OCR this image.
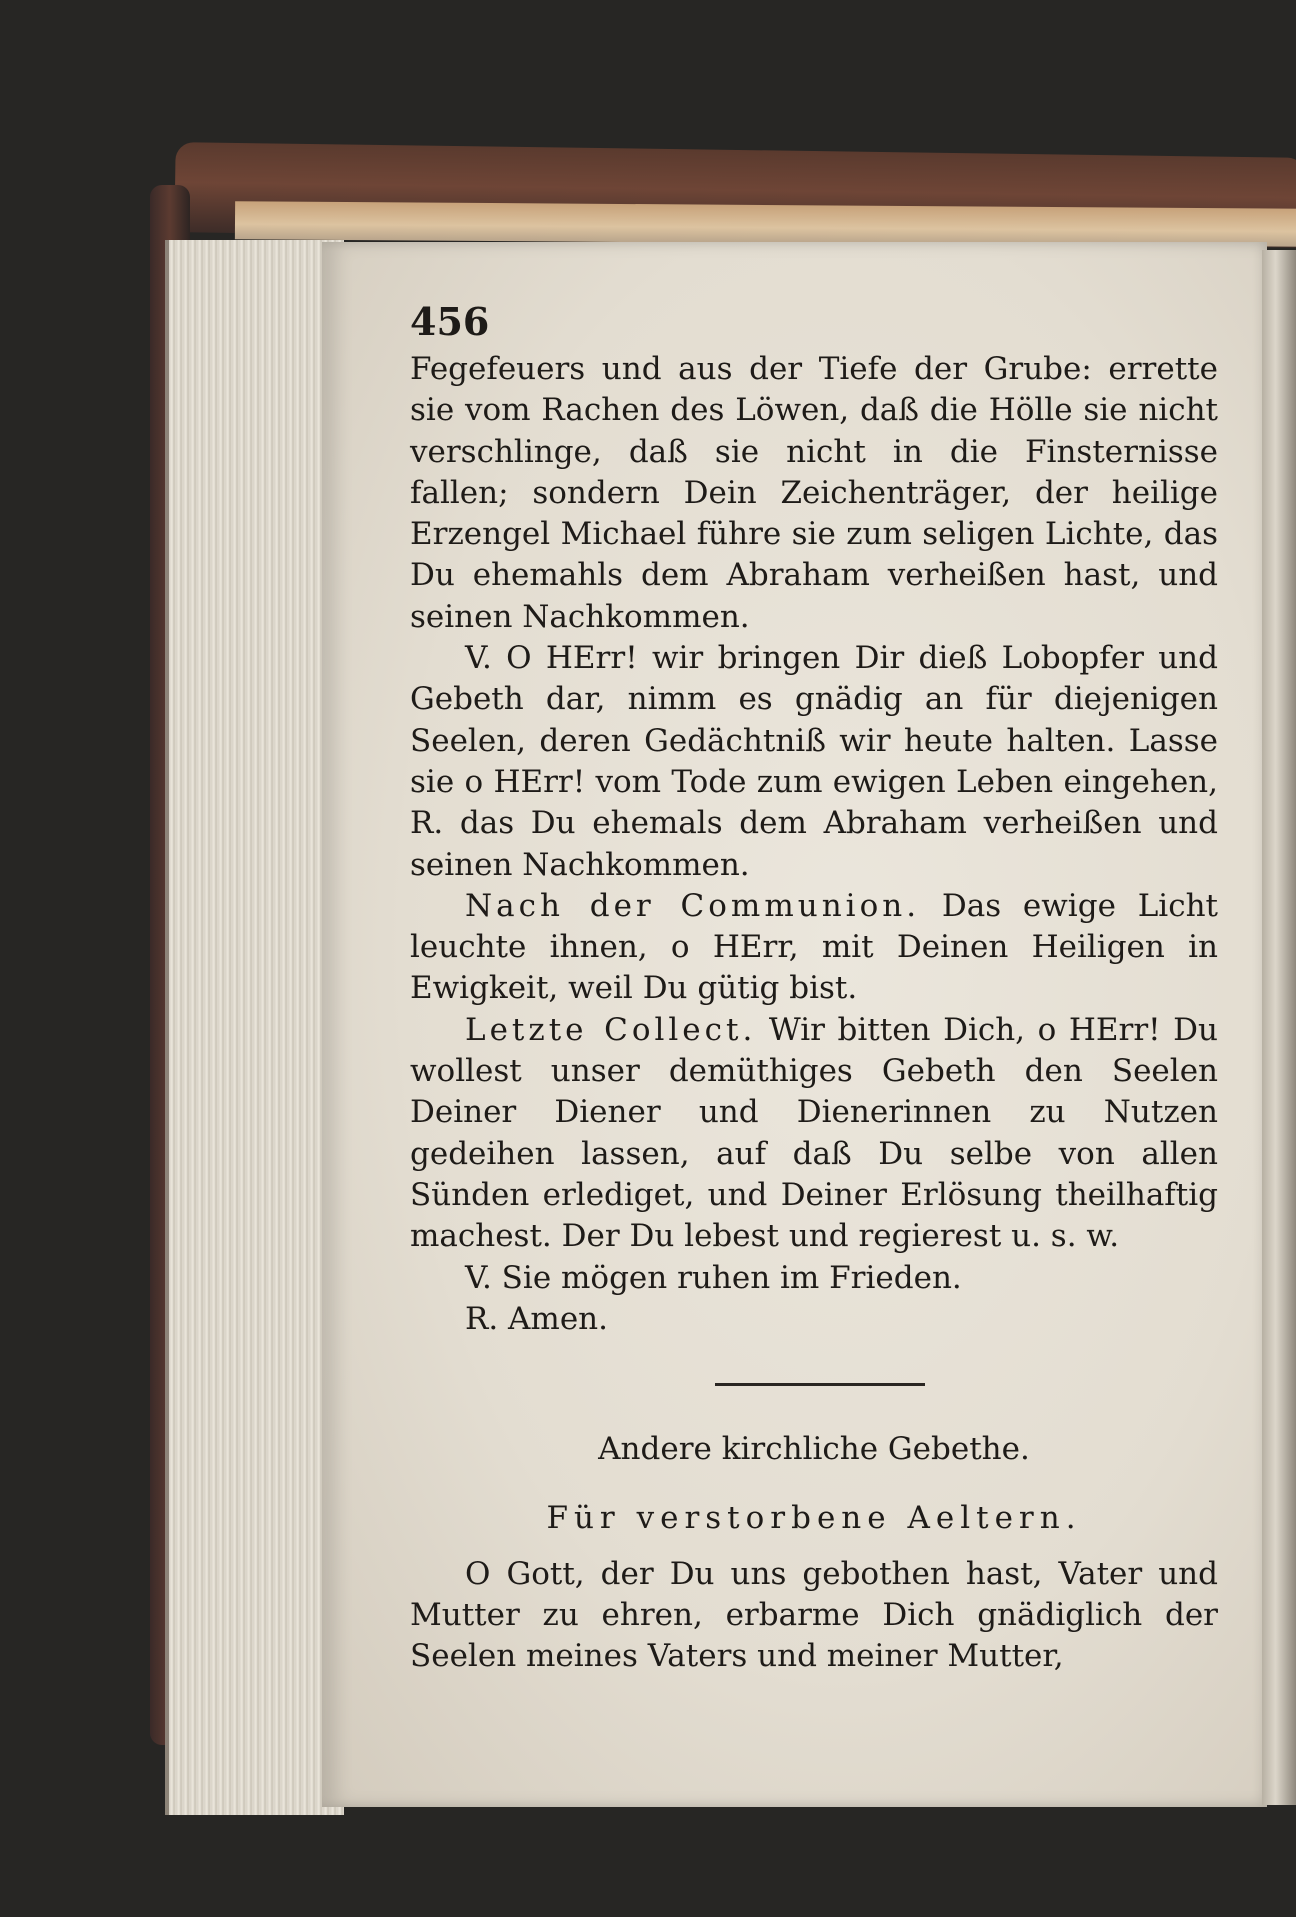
456

Fegefeuers und aus der Tiefe der Grube: errette sie vom Rachen des Löwen, daß die Hölle sie nicht verschlinge, daß sie nicht in die Finsternisse fallen; sondern Dein Zeichenträger, der heilige Erzengel Michael führe sie zum seligen Lichte, das Du ehemahls dem Abraham verheißen hast, und seinen Nachkommen.

V. O HErr! wir bringen Dir dieß Lobopfer und Gebeth dar, nimm es gnädig an für diejenigen Seelen, deren Gedächtniß wir heute halten. Lasse sie o HErr! vom Tode zum ewigen Leben eingehen, R. das Du ehemals dem Abraham verheißen und seinen Nachkommen.

Nach der Communion. Das ewige Licht leuchte ihnen, o HErr, mit Deinen Heiligen in Ewigkeit, weil Du gütig bist.

Letzte Collect. Wir bitten Dich, o HErr! Du wollest unser demüthiges Gebeth den Seelen Deiner Diener und Dienerinnen zu Nutzen gedeihen lassen, auf daß Du selbe von allen Sünden erlediget, und Deiner Erlösung theilhaftig machest. Der Du lebest und regierest u. s. w.

V. Sie mögen ruhen im Frieden.

R. Amen.

Andere kirchliche Gebethe.

Für verstorbene Aeltern.

O Gott, der Du uns gebothen hast, Vater und Mutter zu ehren, erbarme Dich gnädiglich der Seelen meines Vaters und meiner Mutter,
